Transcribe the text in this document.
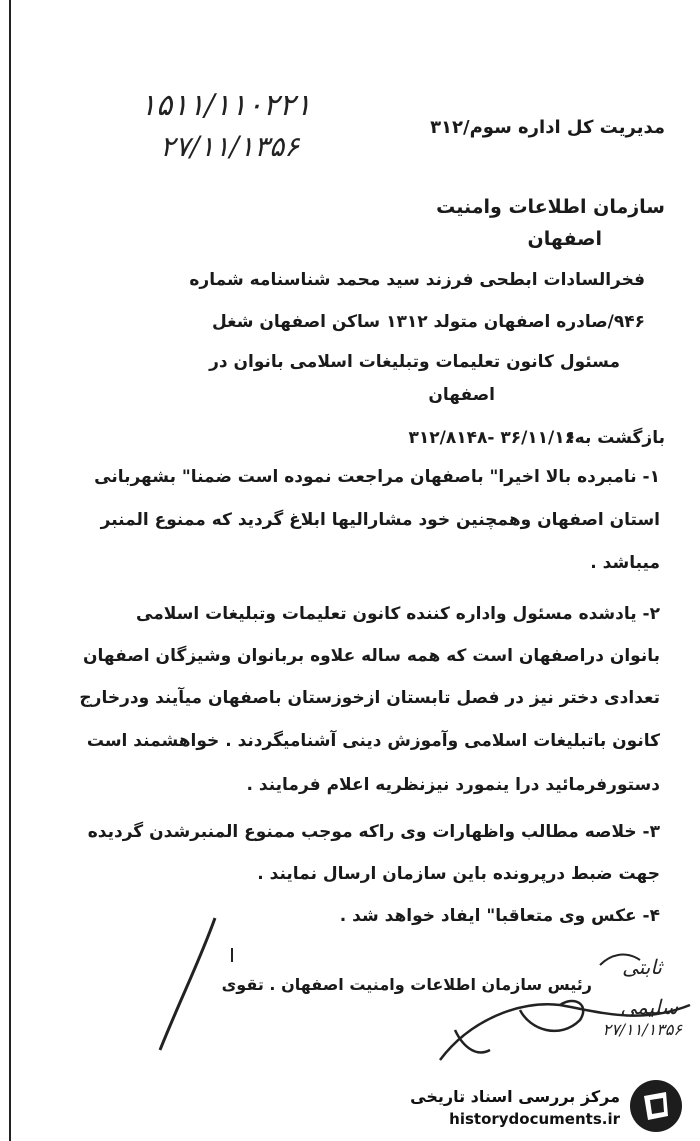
۱۵۱۱/۱۱۰۲۲۱
۲۷/۱۱/۱۳۵۶
مدیریت کل اداره سوم/۳۱۲
سازمان اطلاعات وامنیت
اصفهان
فخرالسادات ابطحی فرزند سید محمد شناسنامه شماره
۹۴۶/صادره اصفهان متولد ۱۳۱۲ ساکن اصفهان شغل
مسئول کانون تعلیمات وتبلیغات اسلامی بانوان در
اصفهان
بازگشت به:
۳۱۲/۸۱۴۸- ۳۶/۱۱/۱۶
۱- نامبرده بالا اخیرا" باصفهان مراجعت نموده است ضمنا" بشهربانی
استان اصفهان وهمچنین خود مشارالیها ابلاغ گردید که ممنوع المنبر
میباشد .
۲- یادشده مسئول واداره کننده کانون تعلیمات وتبلیغات اسلامی
بانوان دراصفهان است که همه ساله علاوه بربانوان وشیزگان اصفهان
تعدادی دختر نیز در فصل تابستان ازخوزستان باصفهان میآیند ودرخارج
کانون باتبلیغات اسلامی وآموزش دینی آشنامیگردند . خواهشمند است
دستورفرمائید درا ینمورد نیزنظریه اعلام فرمایند .
۳- خلاصه مطالب واظهارات وی راکه موجب ممنوع المنبرشدن گردیده
جهت ضبط درپرونده باین سازمان ارسال نمایند .
۴- عکس وی متعاقبا" ایفاد خواهد شد .
ثابتی
رئیس سازمان اطلاعات وامنیت اصفهان . تقوی
سلیمی
۲۷/۱۱/۱۳۵۶
مرکز بررسی اسناد تاریخی
historydocuments.ir
